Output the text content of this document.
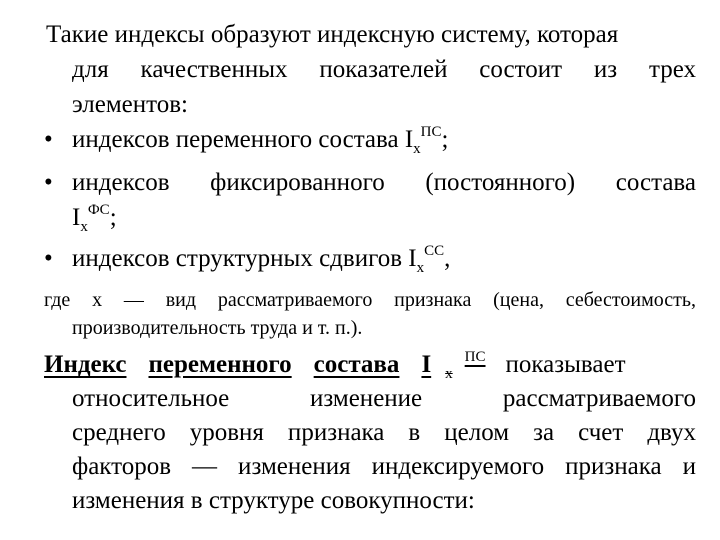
Такие индексы образуют индексную систему, которая
для качественных показателей состоит из трех
элементов:
• индексов переменного состава $I_x^{ПС}$;
• индексов фиксированного (постоянного) состава
$I_x^{ФС}$;
• индексов структурных сдвигов $I_x^{СС}$,
где x — вид рассматриваемого признака (цена, себестоимость,
производительность труда и т. п.).
Индекс переменного состава I $_x^{ПС}$ показывает
относительное изменение рассматриваемого
среднего уровня признака в целом за счет двух
факторов — изменения индексируемого признака и
изменения в структуре совокупности:
